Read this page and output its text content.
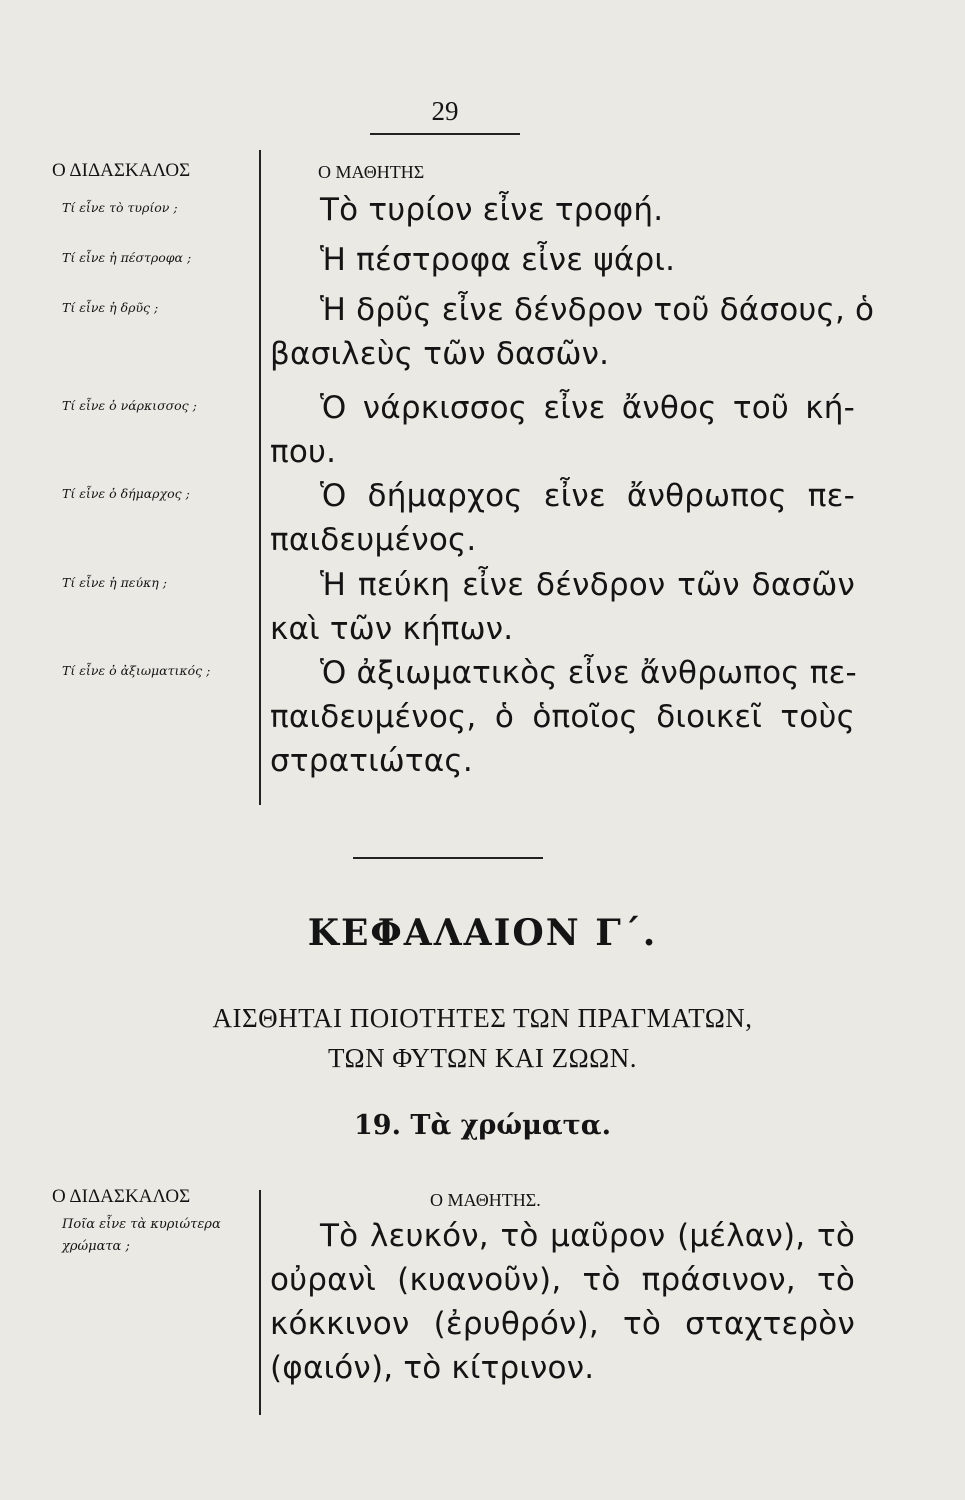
29
Ο ΔΙΔΑΣΚΑΛΟΣ	Ο ΜΑΘΗΤΗΣ
Τί εἶνε τὸ τυρίον ;	Τὸ τυρίον εἶνε τροφή.
Τί εἶνε ἡ πέστροφα ;	Ἡ πέστροφα εἶνε ψάρι.
Τί εἶνε ἡ δρῦς ;	Ἡ δρῦς εἶνε δένδρον τοῦ δάσους, ὁ
βασιλεὺς τῶν δασῶν.
Τί εἶνε ὁ νάρκισσος ;	Ὁ νάρκισσος εἶνε ἄνθος τοῦ κή-
που.
Τί εἶνε ὁ δήμαρχος ;	Ὁ δήμαρχος εἶνε ἄνθρωπος πε-
παιδευμένος.
Τί εἶνε ἡ πεύκη ;	Ἡ πεύκη εἶνε δένδρον τῶν δασῶν
καὶ τῶν κήπων.
Τί εἶνε ὁ ἀξιωματικός ;	Ὁ ἀξιωματικὸς εἶνε ἄνθρωπος πε-
παιδευμένος, ὁ ὁποῖος διοικεῖ τοὺς
στρατιώτας.
ΚΕΦΑΛΑΙΟΝ Γ΄.
ΑΙΣΘΗΤΑΙ ΠΟΙΟΤΗΤΕΣ ΤΩΝ ΠΡΑΓΜΑΤΩΝ,
ΤΩΝ ΦΥΤΩΝ ΚΑΙ ΖΩΩΝ.
19. Τὰ χρώματα.
Ο ΔΙΔΑΣΚΑΛΟΣ	Ο ΜΑΘΗΤΗΣ.
Ποῖα εἶνε τὰ κυριώτερα χρώματα ;	Τὸ λευκόν, τὸ μαῦρον (μέλαν), τὸ
οὐρανὶ (κυανοῦν), τὸ πράσινον, τὸ
κόκκινον (ἐρυθρόν), τὸ σταχτερὸν
(φαιόν), τὸ κίτρινον.
